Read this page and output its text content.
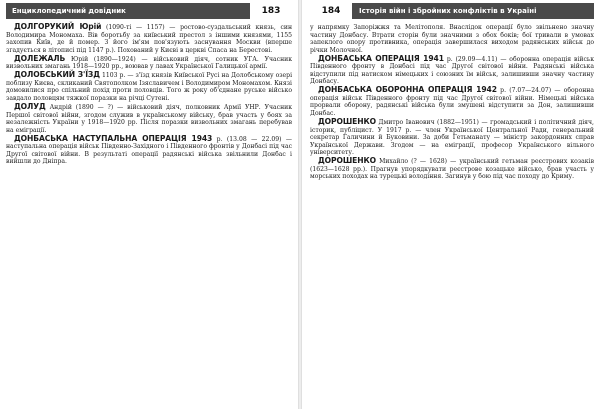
Енциклопедичний довідник	183

ДОЛГОРУКИЙ Юрій (1090-ті — 1157) — ростово-суздальський князь, син Володимира Мономаха. Вів боротьбу за київський престол з іншими князями, 1155 захопив Київ, де й помер. З його ім'ям пов'язують заснування Москви (вперше згадується в літописі під 1147 р.). Похований у Києві в церкві Спаса на Берестові.

ДОЛЕЖАЛЬ Юрій (1890—1924) — військовий діяч, сотник УГА. Учасник визвольних змагань 1918—1920 рр., воював у лавах Української Галицької армії.

ДОЛОБСЬКИЙ З'ЇЗД 1103 р. — з'їзд князів Київської Русі на Долобському озері поблизу Києва, скликаний Святополком Ізяславичем і Володимиром Мономахом. Князі домовилися про спільний похід проти половців. Того ж року об'єднане руське військо завдало половцям тяжкої поразки на річці Сутені.

ДОЛУД Андрій (1890 — ?) — військовий діяч, полковник Армії УНР. Учасник Першої світової війни, згодом служив в українському війську, брав участь у боях за незалежність України у 1918—1920 рр. Після поразки визвольних змагань перебував на еміграції.

ДОНБАСЬКА НАСТУПАЛЬНА ОПЕРАЦІЯ 1943 р. (13.08 — 22.09) — наступальна операція військ Південно-Західного і Південного фронтів у Донбасі під час Другої світової війни. В результаті операції радянські війська звільнили Донбас і вийшли до Дніпра.

184	Історія війн і збройних конфліктів в Україні

у напрямку Запоріжжя та Мелітополя. Внаслідок операції було звільнено значну частину Донбасу. Втрати сторін були значними з обох боків; бої тривали в умовах запеклого опору противника, операція завершилася виходом радянських військ до річки Молочної.

ДОНБАСЬКА ОПЕРАЦІЯ 1941 р. (29.09—4.11) — оборонна операція військ Південного фронту в Донбасі під час Другої світової війни. Радянські війська відступили під натиском німецьких і союзних їм військ, залишивши значну частину Донбасу.

ДОНБАСЬКА ОБОРОННА ОПЕРАЦІЯ 1942 р. (7.07—24.07) — оборонна операція військ Південного фронту під час Другої світової війни. Німецькі війська прорвали оборону, радянські війська були змушені відступити за Дон, залишивши Донбас.

ДОРОШЕНКО Дмитро Іванович (1882—1951) — громадський і політичний діяч, історик, публіцист. У 1917 р. — член Української Центральної Ради, генеральний секретар Галичини й Буковини. За доби Гетьманату — міністр закордонних справ Української Держави. Згодом — на еміграції, професор Українського вільного університету.

ДОРОШЕНКО Михайло (? — 1628) — український гетьман реєстрових козаків (1623—1628 рр.). Прагнув упорядкувати реєстрове козацьке військо, брав участь у морських походах на турецькі володіння. Загинув у бою під час походу до Криму.
